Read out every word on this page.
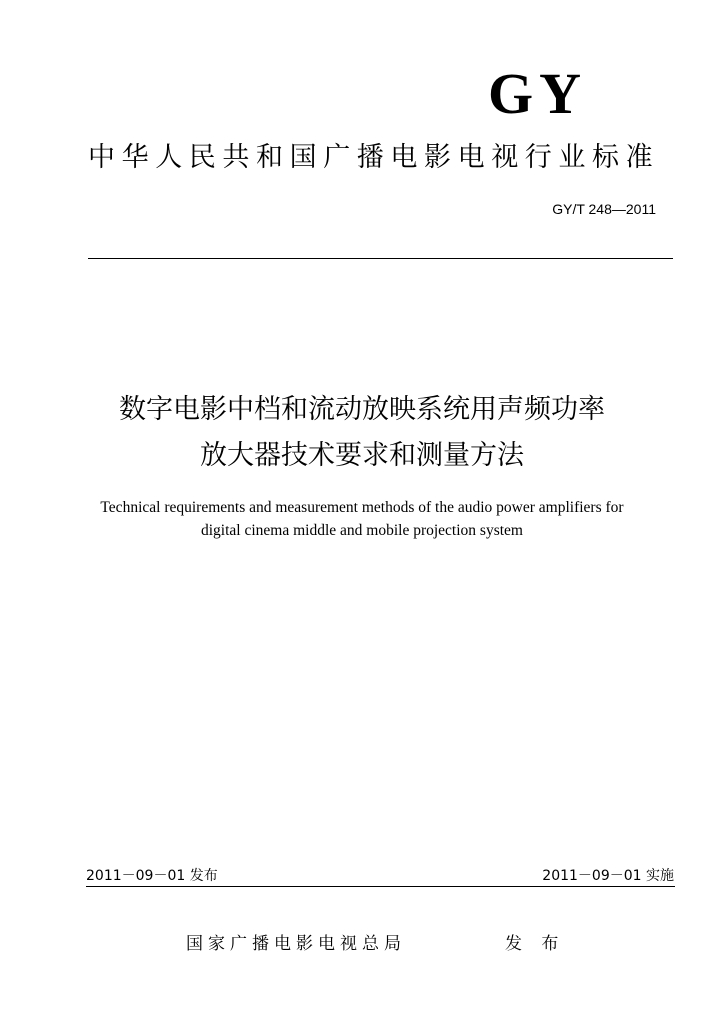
GY
中华人民共和国广播电影电视行业标准
GY/T 248—2011
数字电影中档和流动放映系统用声频功率
放大器技术要求和测量方法
Technical requirements and measurement methods of the audio power amplifiers for
digital cinema middle and mobile projection system
2011－09－01 发布	2011－09－01 实施
国家广播电影电视总局	发 布
